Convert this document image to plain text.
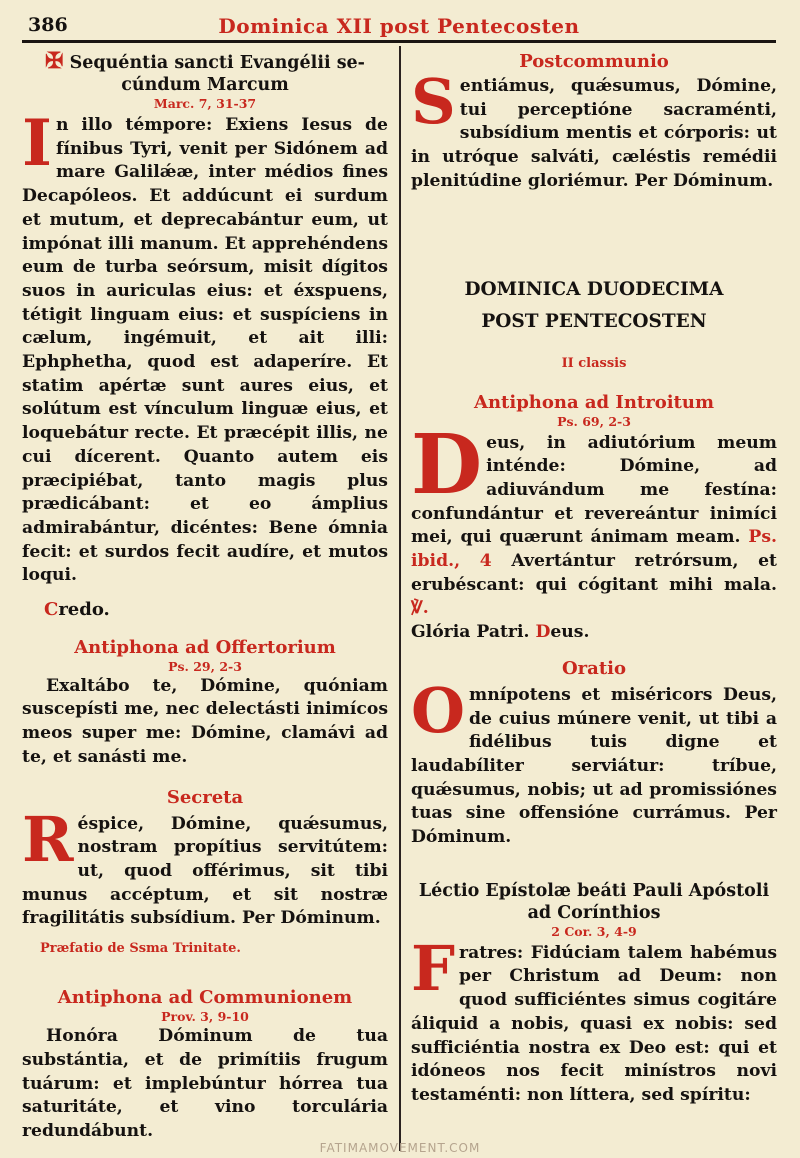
386	Dominica XII post Pentecosten

✠ Sequéntia sancti Evangélii se-
cúndum Marcum

Marc. 7, 31-37
In illo témpore: Exiens Iesus de fínibus Tyri, venit per Sidónem ad mare Galilǽæ, inter médios fines Decapóleos. Et addúcunt ei surdum et mutum, et deprecabántur eum, ut impónat illi manum. Et apprehéndens eum de turba seórsum, misit dígitos suos in auriculas eius: et éxspuens, tétigit linguam eius: et suspíciens in cælum, ingémuit, et ait illi: Ephphetha, quod est adaperíre. Et statim apértæ sunt aures eius, et solútum est vínculum linguæ eius, et loquebátur recte. Et præcépit illis, ne cui dícerent. Quanto autem eis præcipiébat, tanto magis plus prædicábant: et eo ámplius admirabántur, dicéntes: Bene ómnia fecit: et surdos fecit audíre, et mutos loqui.
Credo.
Antiphona ad Offertorium
Ps. 29, 2-3
Exaltábo te, Dómine, quóniam suscepísti me, nec delectásti inimícos meos super me: Dómine, clamávi ad te, et sanásti me.
Secreta
Réspice, Dómine, quǽsumus, nostram propítius servitútem: ut, quod offérimus, sit tibi munus accéptum, et sit nostræ fragilitátis subsídium. Per Dóminum.
Præfatio de Ssma Trinitate.
Antiphona ad Communionem
Prov. 3, 9-10
Honóra Dóminum de tua substántia, et de primítiis frugum tuárum: et implebúntur hórrea tua saturitáte, et vino torculária redundábunt.
Postcommunio
Sentiámus, quǽsumus, Dómine, tui perceptióne sacraménti, subsídium mentis et córporis: ut in utróque salváti, cæléstis remédii plenitúdine gloriémur. Per Dóminum.
DOMINICA DUODECIMA
POST PENTECOSTEN
II classis
Antiphona ad Introitum
Ps. 69, 2-3
Deus, in adiutórium meum inténde: Dómine, ad adiuvándum me festína: confundántur et revereántur inimíci mei, qui quærunt ánimam meam. Ps. ibid., 4 Avertántur retrórsum, et erubéscant: qui cógitant mihi mala. ℣.
Glória Patri. Deus.
Oratio
Omnípotens et miséricors Deus, de cuius múnere venit, ut tibi a fidélibus tuis digne et laudabíliter serviátur: tríbue, quǽsumus, nobis; ut ad promissiónes tuas sine offensióne currámus. Per Dóminum.

Léctio Epístolæ beáti Pauli Apóstoli
ad Corínthios

2 Cor. 3, 4-9
Fratres: Fidúciam talem habémus per Christum ad Deum: non quod sufficiéntes simus cogitáre áliquid a nobis, quasi ex nobis: sed sufficiéntia nostra ex Deo est: qui et idóneos nos fecit minístros novi testaménti: non líttera, sed spíritu:
FATIMAMOVEMENT.COM
